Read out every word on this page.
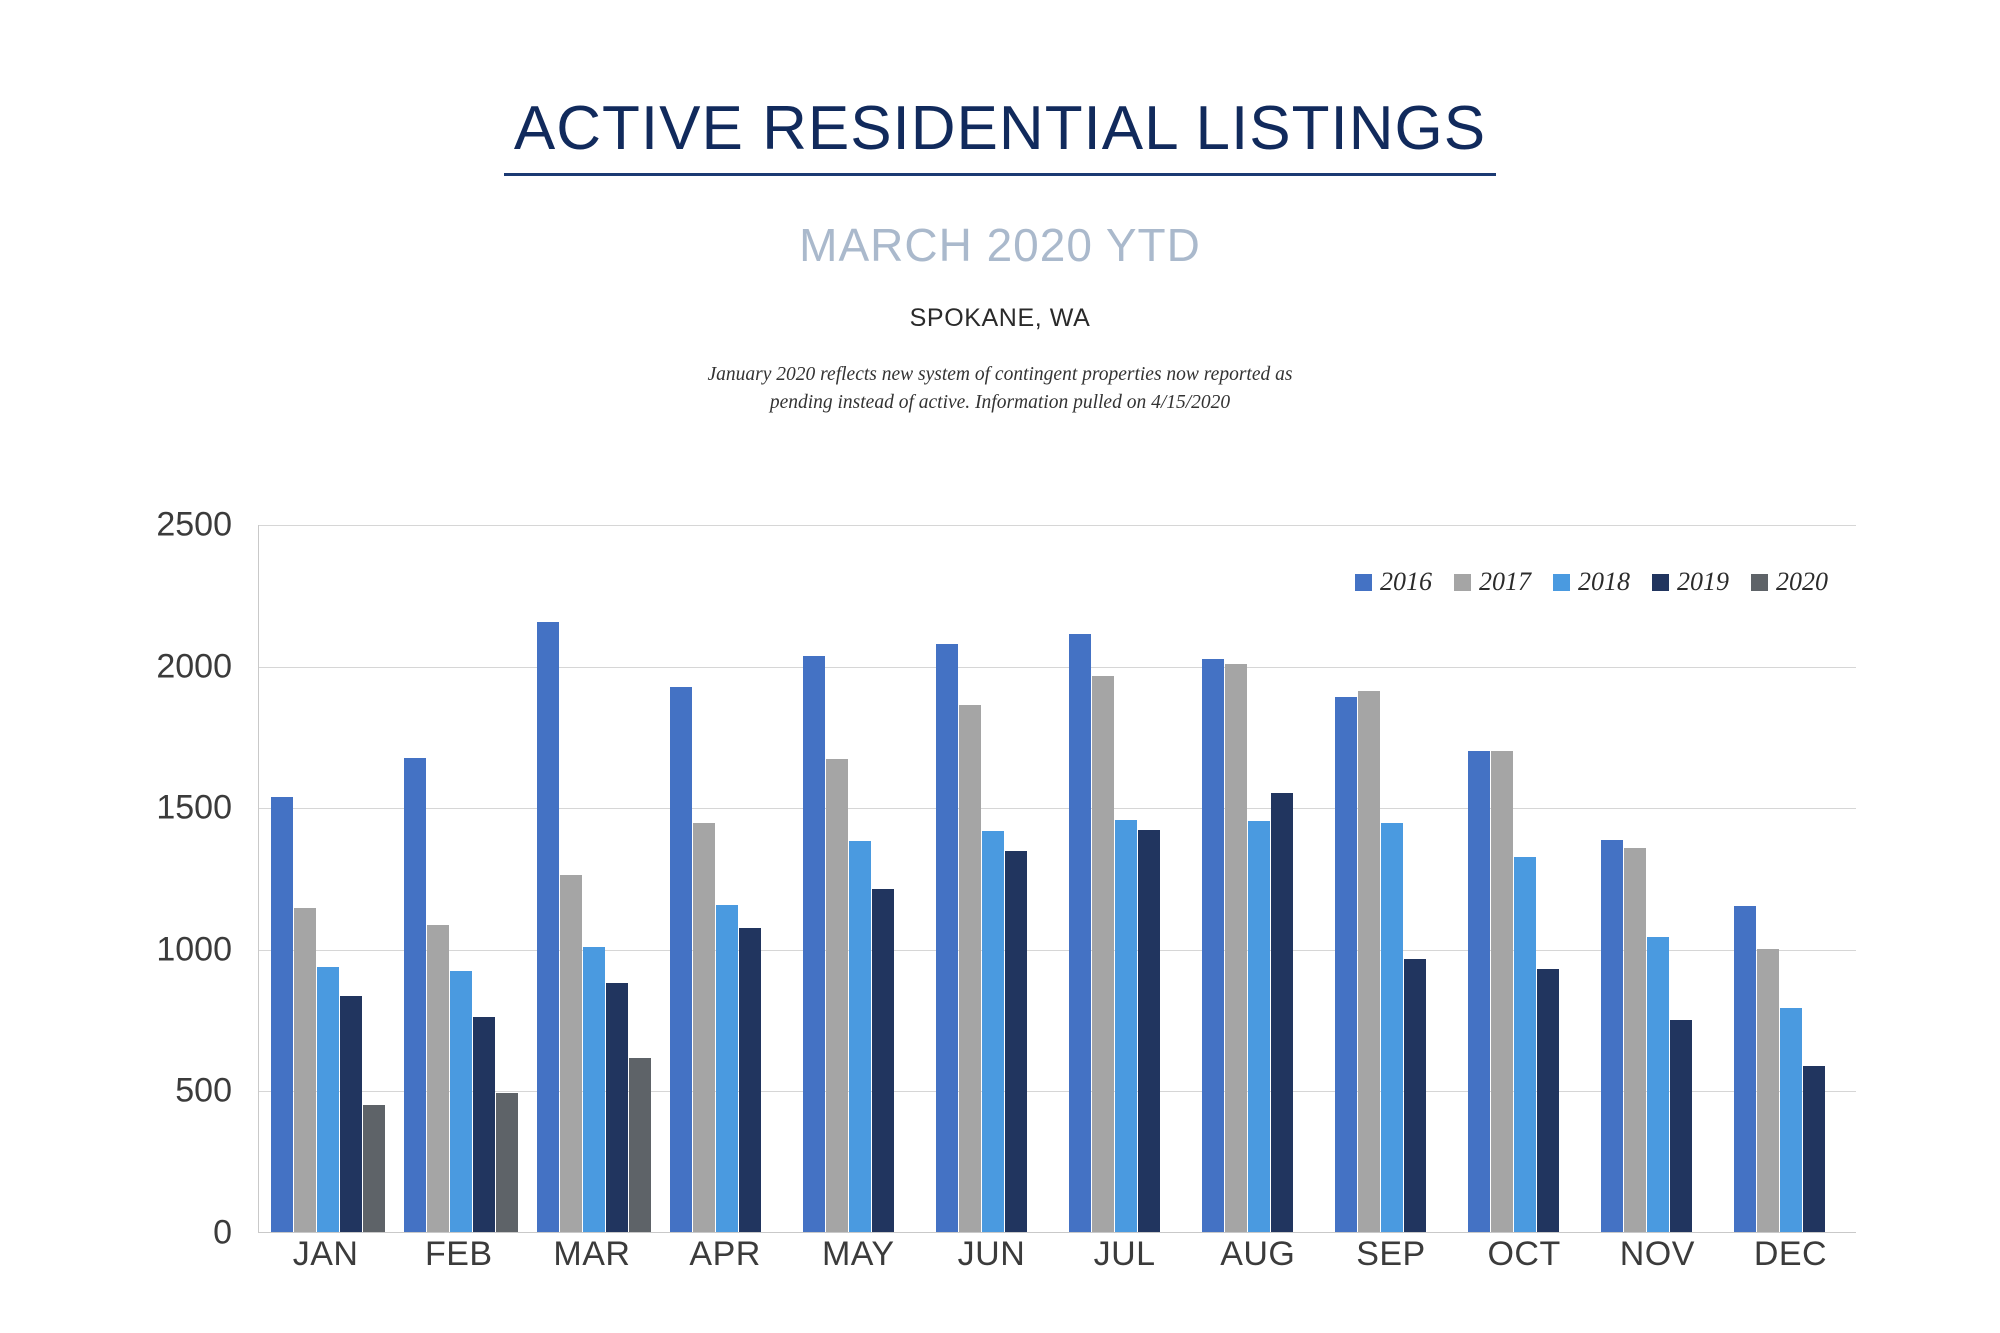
ACTIVE RESIDENTIAL LISTINGS
MARCH 2020 YTD
SPOKANE, WA
January 2020 reflects new system of contingent properties now reported as
pending instead of active. Information pulled on 4/15/2020
0
500
1000
1500
2000
2500
2016 2017 2018 2019 2020
JAN	FEB	MAR	APR	MAY	JUN	JUL	AUG	SEP	OCT	NOV	DEC
